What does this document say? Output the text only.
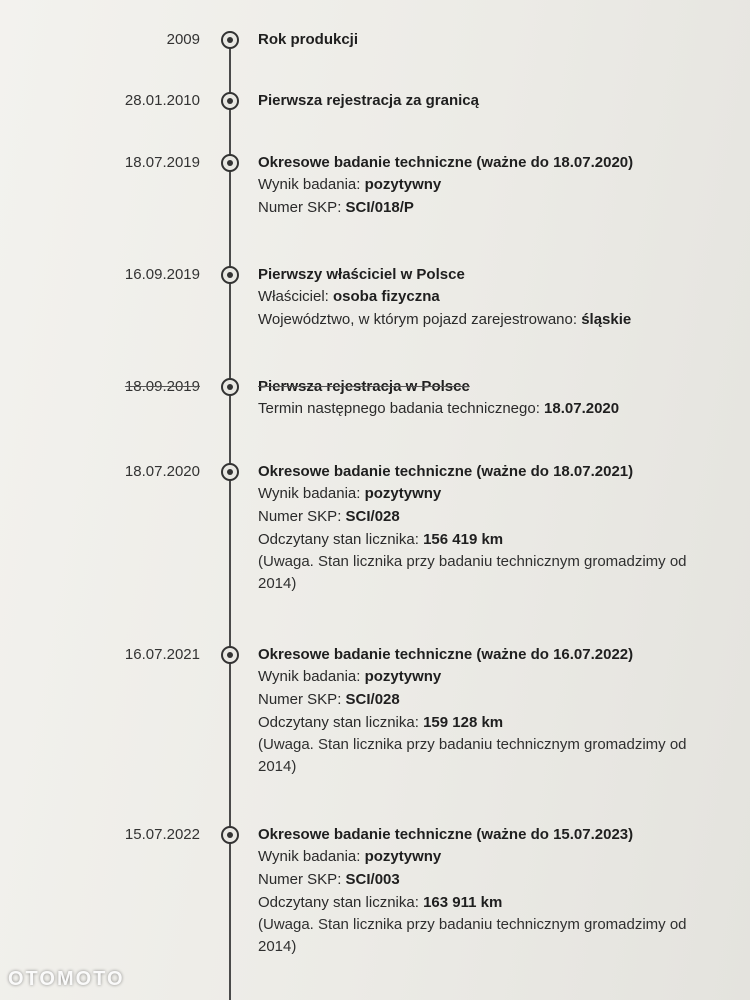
2009	Rok produkcji
28.01.2010	Pierwsza rejestracja za granicą
18.07.2019	Okresowe badanie techniczne (ważne do 18.07.2020)
Wynik badania: pozytywny
Numer SKP: SCI/018/P
16.09.2019	Pierwszy właściciel w Polsce
Właściciel: osoba fizyczna
Województwo, w którym pojazd zarejestrowano: śląskie
18.09.2019	Pierwsza rejestracja w Polsce
Termin następnego badania technicznego: 18.07.2020
18.07.2020	Okresowe badanie techniczne (ważne do 18.07.2021)
Wynik badania: pozytywny
Numer SKP: SCI/028
Odczytany stan licznika: 156 419 km
(Uwaga. Stan licznika przy badaniu technicznym gromadzimy od 2014)
16.07.2021	Okresowe badanie techniczne (ważne do 16.07.2022)
Wynik badania: pozytywny
Numer SKP: SCI/028
Odczytany stan licznika: 159 128 km
(Uwaga. Stan licznika przy badaniu technicznym gromadzimy od 2014)
15.07.2022	Okresowe badanie techniczne (ważne do 15.07.2023)
Wynik badania: pozytywny
Numer SKP: SCI/003
Odczytany stan licznika: 163 911 km
(Uwaga. Stan licznika przy badaniu technicznym gromadzimy od 2014)
OTOMOTO
